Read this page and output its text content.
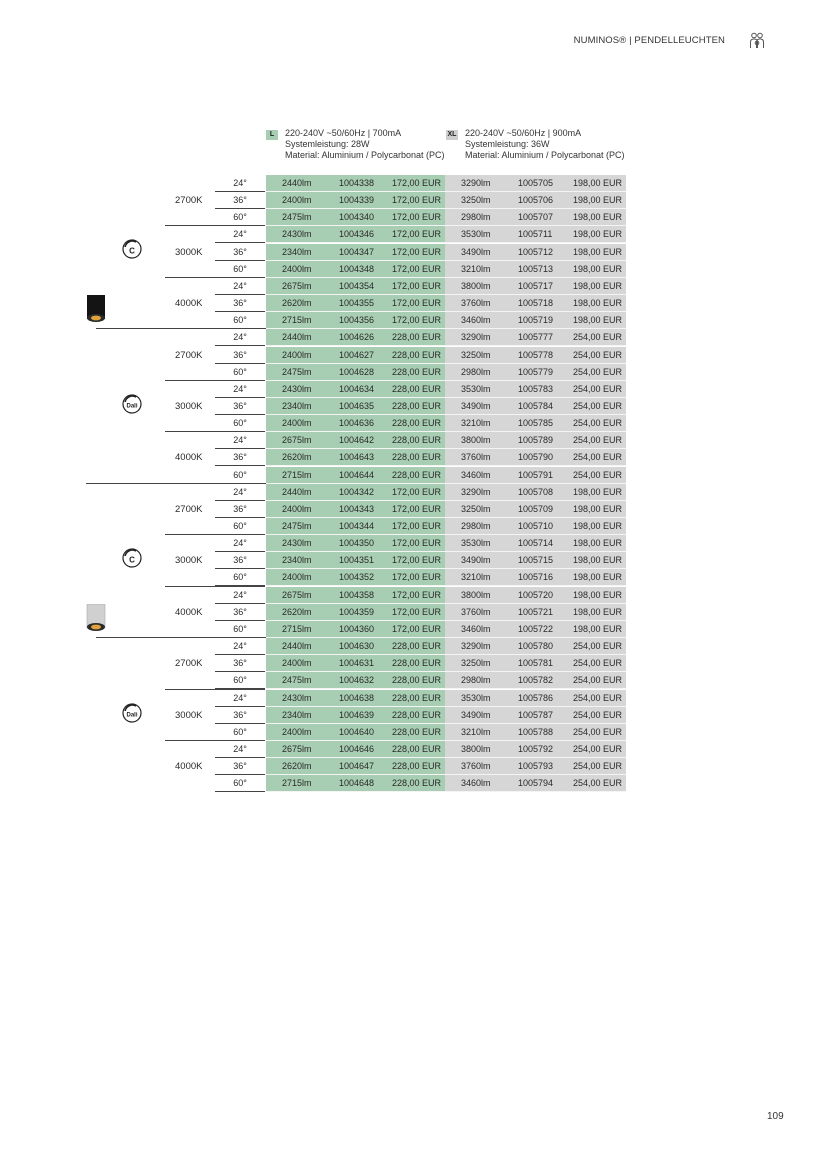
NUMINOS® | PENDELLEUCHTEN
L	220-240V ~50/60Hz | 700mA
Systemleistung: 28W
Material: Aluminium / Polycarbonat (PC)
XL 220-240V ~50/60Hz | 900mA
Systemleistung: 36W
Material: Aluminium / Polycarbonat (PC)
24°	2440lm	1004338	172,00 EUR 3290lm	1005705	198,00 EUR
36°	2400lm	1004339	172,00 EUR 3250lm	1005706	198,00 EUR
60°	2475lm	1004340	172,00 EUR 2980lm	1005707	198,00 EUR
2700K
24°	2430lm	1004346	172,00 EUR 3530lm	1005711	198,00 EUR
36°	2340lm	1004347	172,00 EUR 3490lm	1005712	198,00 EUR
60°	2400lm	1004348	172,00 EUR 3210lm	1005713	198,00 EUR
3000K
24°	2675lm	1004354	172,00 EUR 3800lm	1005717	198,00 EUR
36°	2620lm	1004355	172,00 EUR 3760lm	1005718	198,00 EUR
60°	2715lm	1004356	172,00 EUR 3460lm	1005719	198,00 EUR
4000K
C
24°	2440lm	1004626	228,00 EUR 3290lm	1005777	254,00 EUR
36°	2400lm	1004627	228,00 EUR 3250lm	1005778	254,00 EUR
60°	2475lm	1004628	228,00 EUR 2980lm	1005779	254,00 EUR
2700K
24°	2430lm	1004634	228,00 EUR 3530lm	1005783	254,00 EUR
36°	2340lm	1004635	228,00 EUR 3490lm	1005784	254,00 EUR
60°	2400lm	1004636	228,00 EUR 3210lm	1005785	254,00 EUR
3000K
24°	2675lm	1004642	228,00 EUR 3800lm	1005789	254,00 EUR
36°	2620lm	1004643	228,00 EUR 3760lm	1005790	254,00 EUR
60°	2715lm	1004644	228,00 EUR 3460lm	1005791	254,00 EUR
4000K
Dali
24°	2440lm	1004342	172,00 EUR 3290lm	1005708	198,00 EUR
36°	2400lm	1004343	172,00 EUR 3250lm	1005709	198,00 EUR
60°	2475lm	1004344	172,00 EUR 2980lm	1005710	198,00 EUR
2700K
24°	2430lm	1004350	172,00 EUR 3530lm	1005714	198,00 EUR
36°	2340lm	1004351	172,00 EUR 3490lm	1005715	198,00 EUR
60°	2400lm	1004352	172,00 EUR 3210lm	1005716	198,00 EUR
3000K
24°	2675lm	1004358	172,00 EUR 3800lm	1005720	198,00 EUR
36°	2620lm	1004359	172,00 EUR 3760lm	1005721	198,00 EUR
60°	2715lm	1004360	172,00 EUR 3460lm	1005722	198,00 EUR
4000K
C
24°	2440lm	1004630	228,00 EUR 3290lm	1005780	254,00 EUR
36°	2400lm	1004631	228,00 EUR 3250lm	1005781	254,00 EUR
60°	2475lm	1004632	228,00 EUR 2980lm	1005782	254,00 EUR
2700K
24°	2430lm	1004638	228,00 EUR 3530lm	1005786	254,00 EUR
36°	2340lm	1004639	228,00 EUR 3490lm	1005787	254,00 EUR
60°	2400lm	1004640	228,00 EUR 3210lm	1005788	254,00 EUR
3000K
24°	2675lm	1004646	228,00 EUR 3800lm	1005792	254,00 EUR
36°	2620lm	1004647	228,00 EUR 3760lm	1005793	254,00 EUR
60°	2715lm	1004648	228,00 EUR 3460lm	1005794	254,00 EUR
4000K
Dali
109
